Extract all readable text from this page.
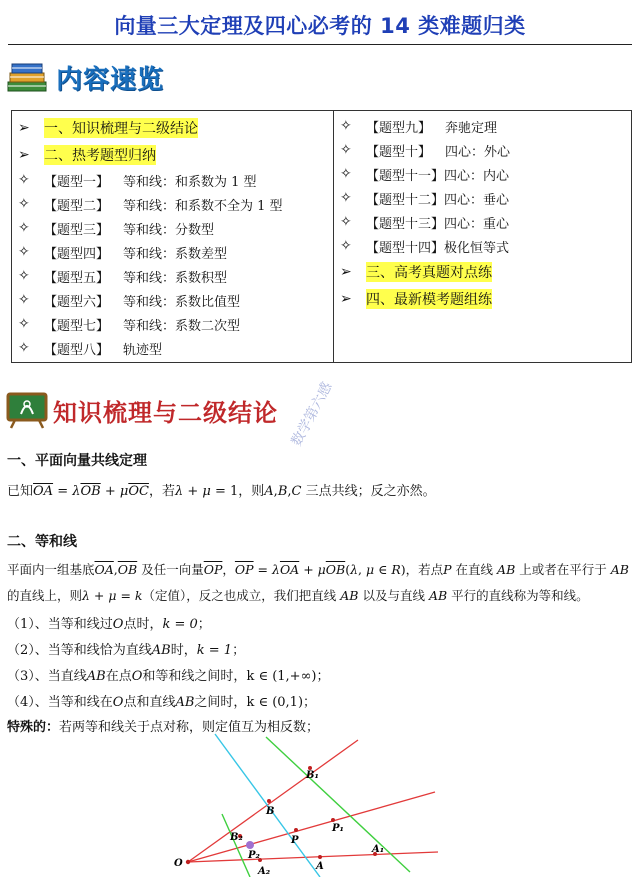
向量三大定理及四心必考的 14 类难题归类
内容速览
➢	一、知识梳理与二级结论
➢	二、热考题型归纳
✧	【题型一】 等和线：和系数为 1 型
✧	【题型二】 等和线：和系数不全为 1 型
✧	【题型三】 等和线：分数型
✧	【题型四】 等和线：系数差型
✧	【题型五】 等和线：系数积型
✧	【题型六】 等和线：系数比值型
✧	【题型七】 等和线：系数二次型
✧	【题型八】 轨迹型
✧	【题型九】 奔驰定理
✧	【题型十】 四心：外心
✧	【题型十一】 四心：内心
✧	【题型十二】 四心：垂心
✧	【题型十三】 四心：重心
✧	【题型十四】 极化恒等式
➢	三、高考真题对点练
➢	四、最新模考题组练
知识梳理与二级结论 数学第六感
一、平面向量共线定理
已知$\overline{OA} = \lambda\overline{OB} + \mu\overline{OC}$，若λ + μ = 1，则A,B,C 三点共线；反之亦然。
二、等和线
平面内一组基底$\overline{OA},\overline{OB}$ 及任一向量$\overline{OP}$，$\overline{OP} = \lambda\overline{OA} + \mu\overline{OB}(\lambda$, μ ∈ R)，若点P 在直线 AB 上或者在平行于 AB
的直线上，则λ + μ = k（定值），反之也成立，我们把直线 AB 以及与直线 AB 平行的直线称为等和线。
（1）、当等和线过O点时，k = 0；
（2）、当等和线恰为直线AB时，k = 1；
（3）、当直线AB在点O和等和线之间时，k ∈ (1,+∞)；
（4）、当等和线在O点和直线AB之间时，k ∈ (0,1)；
特殊的：若两等和线关于点对称，则定值互为相反数；
O	A
B
P
A₁
B₁
P₁
A₂
B₂
P₂
